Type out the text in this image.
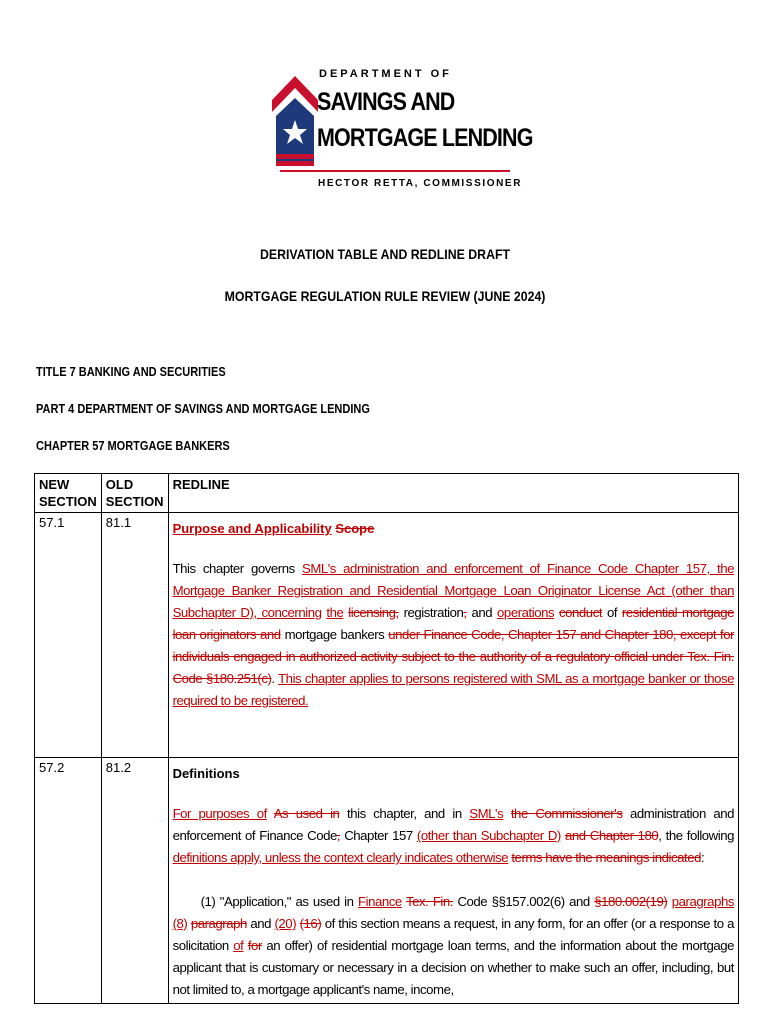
DEPARTMENT OF
SAVINGS AND
MORTGAGE LENDING
HECTOR RETTA, COMMISSIONER
DERIVATION TABLE AND REDLINE DRAFT
MORTGAGE REGULATION RULE REVIEW (JUNE 2024)
TITLE 7 BANKING AND SECURITIES
PART 4 DEPARTMENT OF SAVINGS AND MORTGAGE LENDING
CHAPTER 57 MORTGAGE BANKERS
NEW SECTION	OLD SECTION	REDLINE
57.1	81.1	Purpose and Applicability Scope
This chapter governs SML's administration and enforcement of Finance Code Chapter 157, the Mortgage Banker Registration and Residential Mortgage Loan Originator License Act (other than Subchapter D), concerning the licensing, registration, and operations conduct of residential mortgage loan originators and mortgage bankers under Finance Code, Chapter 157 and Chapter 180, except for individuals engaged in authorized activity subject to the authority of a regulatory official under Tex. Fin. Code §180.251(c). This chapter applies to persons registered with SML as a mortgage banker or those required to be registered.

57.2	81.2	Definitions
For purposes of As used in this chapter, and in SML's the Commissioner's administration and enforcement of Finance Code, Chapter 157 (other than Subchapter D) and Chapter 180, the following definitions apply, unless the context clearly indicates otherwise terms have the meanings indicated:
(1) "Application," as used in Finance Tex. Fin. Code §§157.002(6) and §180.002(19) paragraphs (8) paragraph and (20) (16) of this section means a request, in any form, for an offer (or a response to a solicitation of for an offer) of residential mortgage loan terms, and the information about the mortgage applicant that is customary or necessary in a decision on whether to make such an offer, including, but not limited to, a mortgage applicant's name, income,
